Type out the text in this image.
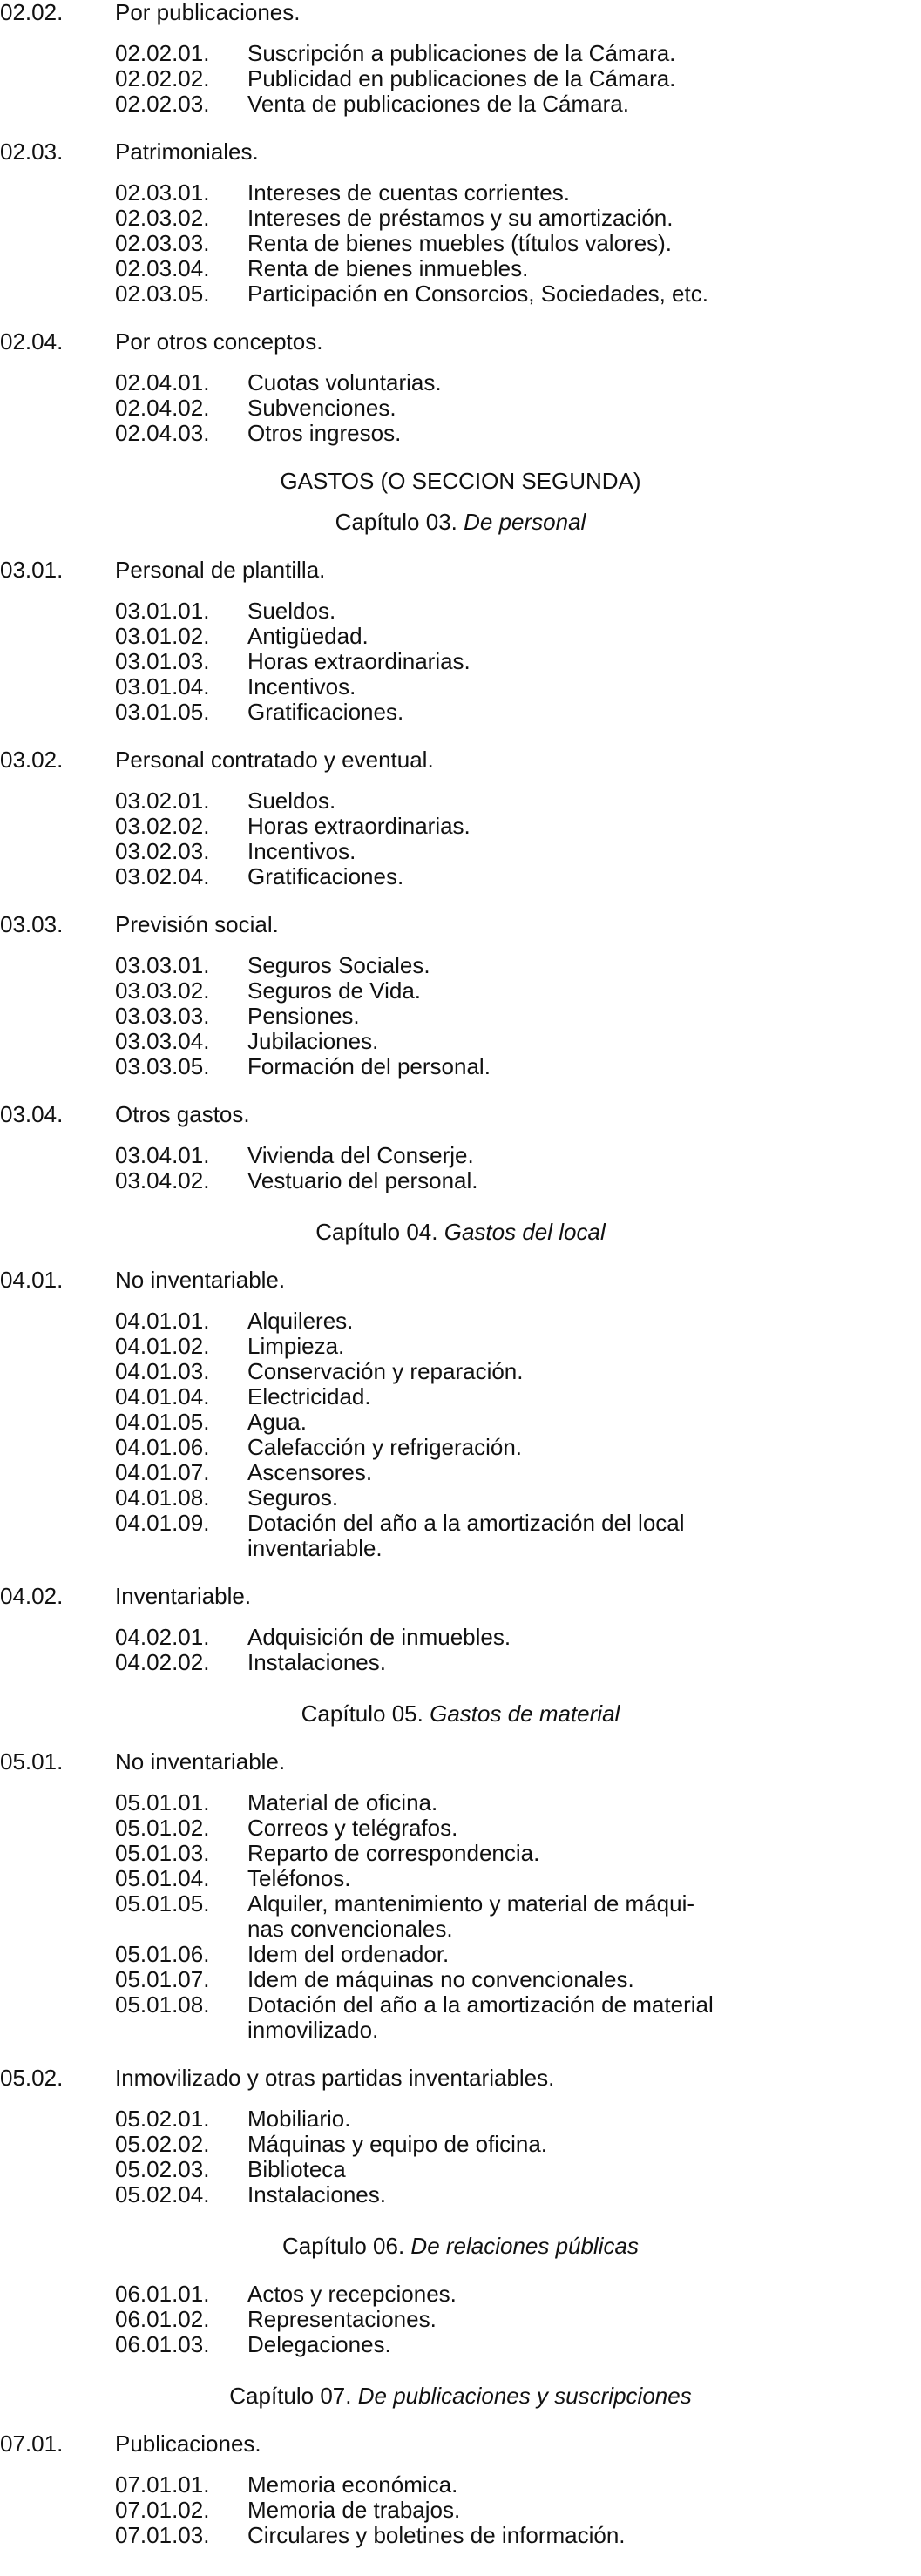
02.02.	Por publicaciones.
02.02.01.	Suscripción a publicaciones de la Cámara.
02.02.02.	Publicidad en publicaciones de la Cámara.
02.02.03.	Venta de publicaciones de la Cámara.
02.03.	Patrimoniales.
02.03.01.	Intereses de cuentas corrientes.
02.03.02.	Intereses de préstamos y su amortización.
02.03.03.	Renta de bienes muebles (títulos valores).
02.03.04.	Renta de bienes inmuebles.
02.03.05.	Participación en Consorcios, Sociedades, etc.
02.04.	Por otros conceptos.
02.04.01.	Cuotas voluntarias.
02.04.02.	Subvenciones.
02.04.03.	Otros ingresos.
GASTOS (O SECCION SEGUNDA)
Capítulo 03. De personal
03.01.	Personal de plantilla.
03.01.01.	Sueldos.
03.01.02.	Antigüedad.
03.01.03.	Horas extraordinarias.
03.01.04.	Incentivos.
03.01.05.	Gratificaciones.
03.02.	Personal contratado y eventual.
03.02.01.	Sueldos.
03.02.02.	Horas extraordinarias.
03.02.03.	Incentivos.
03.02.04.	Gratificaciones.
03.03.	Previsión social.
03.03.01.	Seguros Sociales.
03.03.02.	Seguros de Vida.
03.03.03.	Pensiones.
03.03.04.	Jubilaciones.
03.03.05.	Formación del personal.
03.04.	Otros gastos.
03.04.01.	Vivienda del Conserje.
03.04.02.	Vestuario del personal.
Capítulo 04. Gastos del local
04.01.	No inventariable.
04.01.01.	Alquileres.
04.01.02.	Limpieza.
04.01.03.	Conservación y reparación.
04.01.04.	Electricidad.
04.01.05.	Agua.
04.01.06.	Calefacción y refrigeración.
04.01.07.	Ascensores.
04.01.08.	Seguros.
04.01.09.	Dotación del año a la amortización del local
inventariable.
04.02.	Inventariable.
04.02.01.	Adquisición de inmuebles.
04.02.02.	Instalaciones.
Capítulo 05. Gastos de material
05.01.	No inventariable.
05.01.01.	Material de oficina.
05.01.02.	Correos y telégrafos.
05.01.03.	Reparto de correspondencia.
05.01.04.	Teléfonos.
05.01.05.	Alquiler, mantenimiento y material de máqui-
nas convencionales.
05.01.06.	Idem del ordenador.
05.01.07.	Idem de máquinas no convencionales.
05.01.08.	Dotación del año a la amortización de material
inmovilizado.
05.02.	Inmovilizado y otras partidas inventariables.
05.02.01.	Mobiliario.
05.02.02.	Máquinas y equipo de oficina.
05.02.03.	Biblioteca
05.02.04.	Instalaciones.
Capítulo 06. De relaciones públicas
06.01.01.	Actos y recepciones.
06.01.02.	Representaciones.
06.01.03.	Delegaciones.
Capítulo 07. De publicaciones y suscripciones
07.01.	Publicaciones.
07.01.01.	Memoria económica.
07.01.02.	Memoria de trabajos.
07.01.03.	Circulares y boletines de información.
